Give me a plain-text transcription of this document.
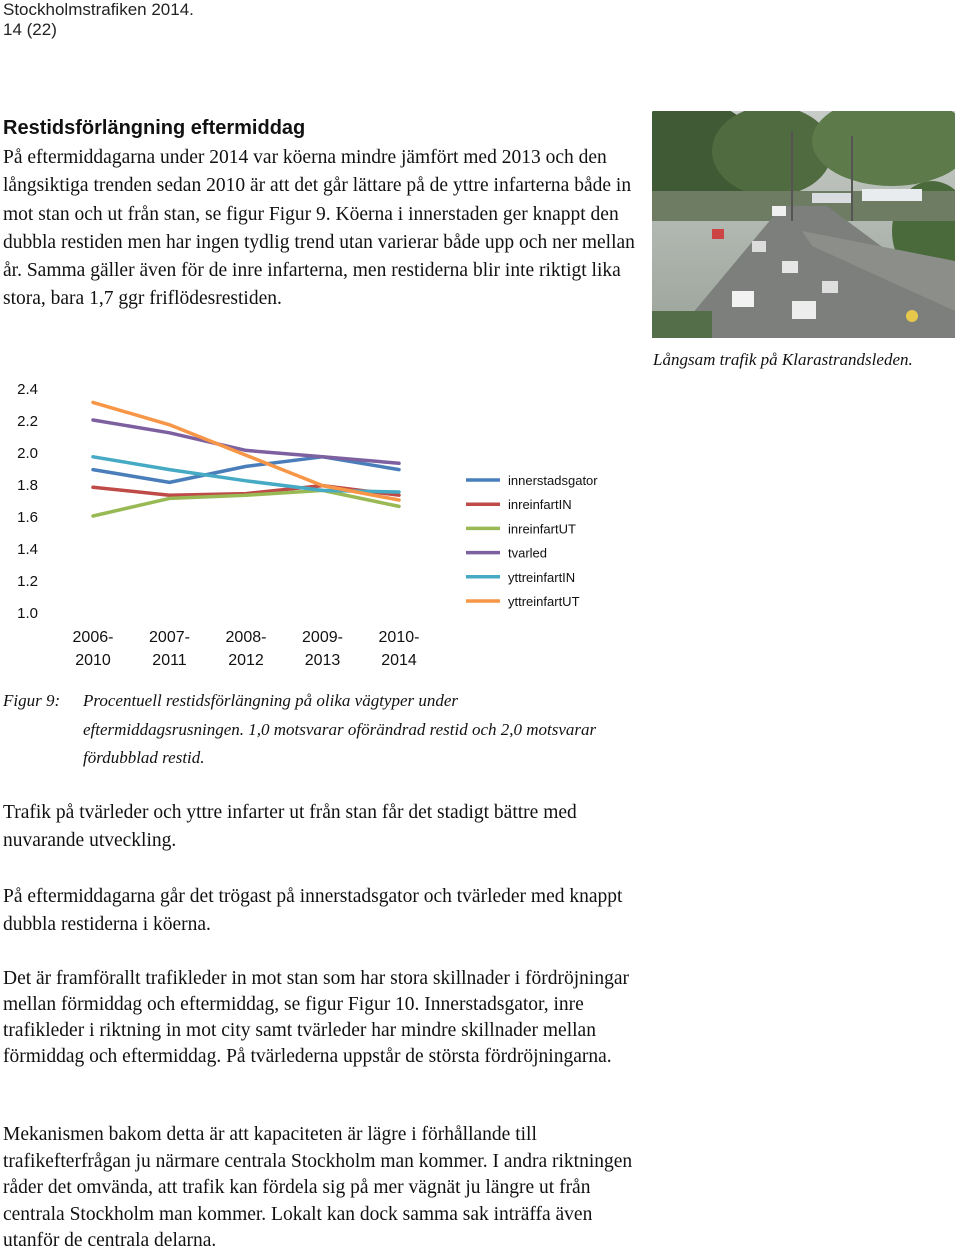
Stockholmstrafiken 2014.
14 (22)
Restidsförlängning eftermiddag

På eftermiddagarna under 2014 var köerna mindre jämfört med 2013 och den långsiktiga trenden sedan 2010 är att det går lättare på de yttre infarterna både in mot stan och ut från stan, se figur Figur 9. Köerna i innerstaden ger knappt den dubbla restiden men har ingen tydlig trend utan varierar både upp och ner mellan år. Samma gäller även för de inre infarterna, men restiderna blir inte riktigt lika stora, bara 1,7 ggr friflödesrestiden.

Långsam trafik på Klarastrandsleden.
1.0
1.2
1.4
1.6
1.8
2.0
2.2
2.4
2006-
2010
2007-
2011
2008-
2012
2009-
2013
2010-
2014
innerstadsgator
inreinfartIN
inreinfartUT
tvarled
yttreinfartIN
yttreinfartUT
Figur 9: Procentuell restidsförlängning på olika vägtyper under eftermiddagsrusningen. 1,0 motsvarar oförändrad restid och 2,0 motsvarar fördubblad restid.

Trafik på tvärleder och yttre infarter ut från stan får det stadigt bättre med nuvarande utveckling.

På eftermiddagarna går det trögast på innerstadsgator och tvärleder med knappt dubbla restiderna i köerna.

Det är framförallt trafikleder in mot stan som har stora skillnader i fördröjningar mellan förmiddag och eftermiddag, se figur Figur 10. Innerstadsgator, inre trafikleder i riktning in mot city samt tvärleder har mindre skillnader mellan förmiddag och eftermiddag. På tvärlederna uppstår de största fördröjningarna.

Mekanismen bakom detta är att kapaciteten är lägre i förhållande till trafikefterfrågan ju närmare centrala Stockholm man kommer. I andra riktningen råder det omvända, att trafik kan fördela sig på mer vägnät ju längre ut från centrala Stockholm man kommer. Lokalt kan dock samma sak inträffa även utanför de centrala delarna.
